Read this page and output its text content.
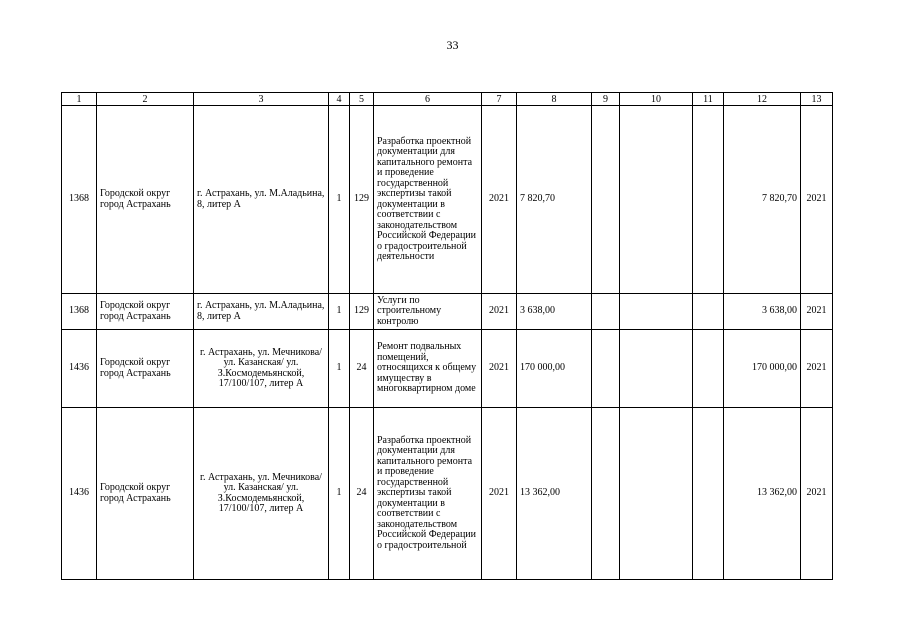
33
1	2	3	4	5	6	7	8	9	10	11	12	13
1368	Городской округ город Астрахань	г. Астрахань, ул. М.Аладьина, 8, литер А	1	129	Разработка проектной документации для капитального ремонта и проведение государственной экспертизы такой документации в соответствии с законодательством Российской Федерации о градостроительной деятельности	2021	7 820,70				7 820,70	2021
1368	Городской округ город Астрахань	г. Астрахань, ул. М.Аладьина, 8, литер А	1	129	Услуги по строительному контролю	2021	3 638,00				3 638,00	2021
1436	Городской округ город Астрахань	г. Астрахань, ул. Мечникова/ ул. Казанская/ ул. З.Космодемьянской, 17/100/107, литер А	1	24	Ремонт подвальных помещений, относящихся к общему имуществу в многоквартирном доме	2021	170 000,00				170 000,00	2021
1436	Городской округ город Астрахань	г. Астрахань, ул. Мечникова/ ул. Казанская/ ул. З.Космодемьянской, 17/100/107, литер А	1	24	Разработка проектной документации для капитального ремонта и проведение государственной экспертизы такой документации в соответствии с законодательством Российской Федерации о градостроительной	2021	13 362,00				13 362,00	2021
